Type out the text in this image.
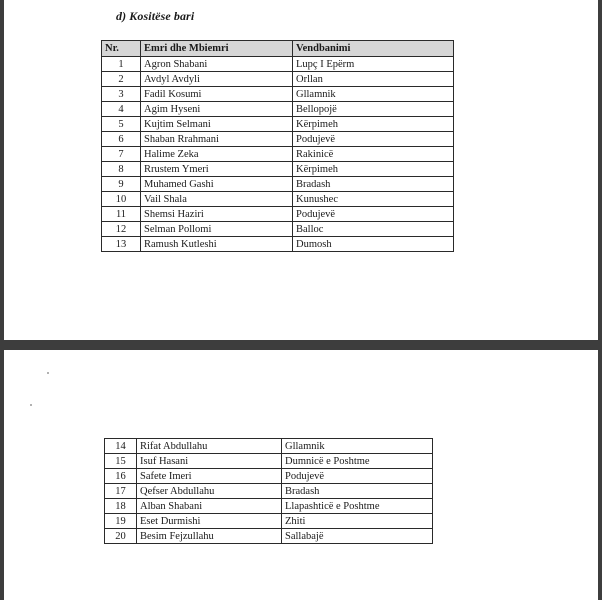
d) Kositëse bari
Nr.	Emri dhe Mbiemri	Vendbanimi
1	Agron Shabani	Lupç I Epërm
2	Avdyl Avdyli	Orllan
3	Fadil Kosumi	Gllamnik
4	Agim Hyseni	Bellopojë
5	Kujtim Selmani	Kërpimeh
6	Shaban Rrahmani	Podujevë
7	Halime Zeka	Rakinicë
8	Rrustem Ymeri	Kërpimeh
9	Muhamed Gashi	Bradash
10	Vail Shala	Kunushec
11	Shemsi Haziri	Podujevë
12	Selman Pollomi	Balloc
13	Ramush Kutleshi	Dumosh
14	Rifat Abdullahu	Gllamnik
15	Isuf Hasani	Dumnicë e Poshtme
16	Safete Imeri	Podujevë
17	Qefser Abdullahu	Bradash
18	Alban Shabani	Llapashticë e Poshtme
19	Eset Durmishi	Zhiti
20	Besim Fejzullahu	Sallabajë
